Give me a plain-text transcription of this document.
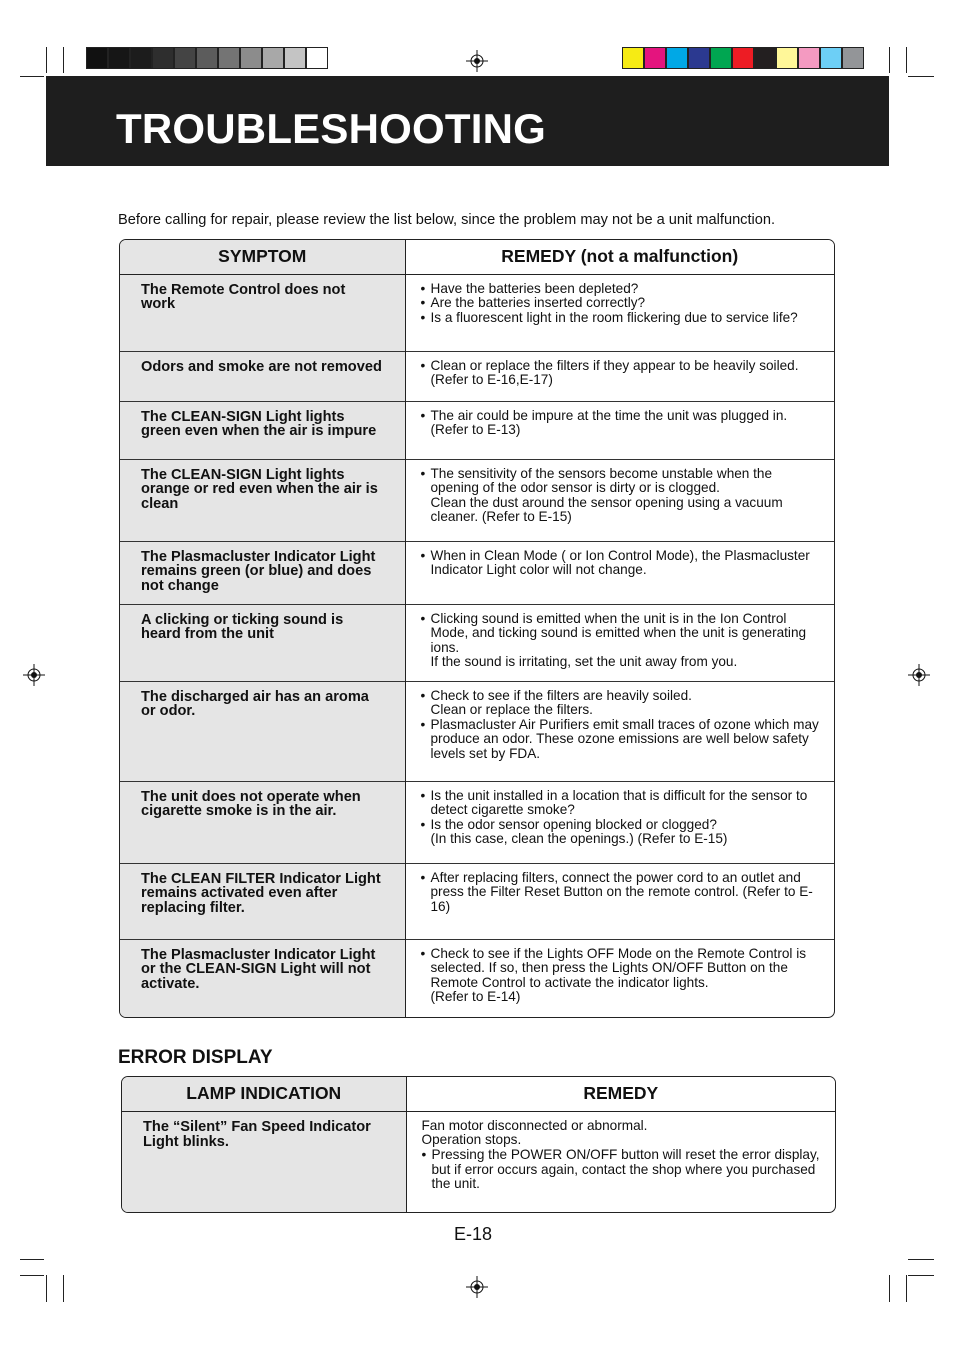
TROUBLESHOOTING
Before calling for repair, please review the list below, since the problem may not be a unit malfunction.
SYMPTOM	REMEDY (not a malfunction)
The Remote Control does not work	• Have the batteries been depleted?
• Are the batteries inserted correctly?
• Is a fluorescent light in the room flickering due to service life?

Odors and smoke are not removed	• Clean or replace the filters if they appear to be heavily soiled. (Refer to E-16,E-17)

The CLEAN-SIGN Light lights green even when the air is impure	• The air could be impure at the time the unit was plugged in. (Refer to E-13)

The CLEAN-SIGN Light lights orange or red even when the air is clean	• The sensitivity of the sensors become unstable when the opening of the odor sensor is dirty or is clogged.
Clean the dust around the sensor opening using a vacuum cleaner. (Refer to E-15)

The Plasmacluster Indicator Light remains green (or blue) and does not change	• When in Clean Mode ( or Ion Control Mode), the Plasmacluster Indicator Light color will not change.

A clicking or ticking sound is heard from the unit	• Clicking sound is emitted when the unit is in the Ion Control Mode, and ticking sound is emitted when the unit is generating ions.
If the sound is irritating, set the unit away from you.

The discharged air has an aroma or odor.	• Check to see if the filters are heavily soiled.
Clean or replace the filters.
• Plasmacluster Air Purifiers emit small traces of ozone which may produce an odor. These ozone emissions are well below safety levels set by FDA.

The unit does not operate when cigarette smoke is in the air.	• Is the unit installed in a location that is difficult for the sensor to detect cigarette smoke?
• Is the odor sensor opening blocked or clogged?
(In this case, clean the openings.) (Refer to E-15)

The CLEAN FILTER Indicator Light remains activated even after replacing filter.	• After replacing filters, connect the power cord to an outlet and press the Filter Reset Button on the remote control. (Refer to E-16)

The Plasmacluster Indicator Light or the CLEAN-SIGN Light will not activate.	• Check to see if the Lights OFF Mode on the Remote Control is selected. If so, then press the Lights ON/OFF Button on the Remote Control to activate the indicator lights.
(Refer to E-14)
ERROR DISPLAY
LAMP INDICATION	REMEDY
The “Silent” Fan Speed Indicator Light blinks.	Fan motor disconnected or abnormal.
Operation stops.
• Pressing the POWER ON/OFF button will reset the error display, but if error occurs again, contact the shop where you purchased the unit.
E-18
